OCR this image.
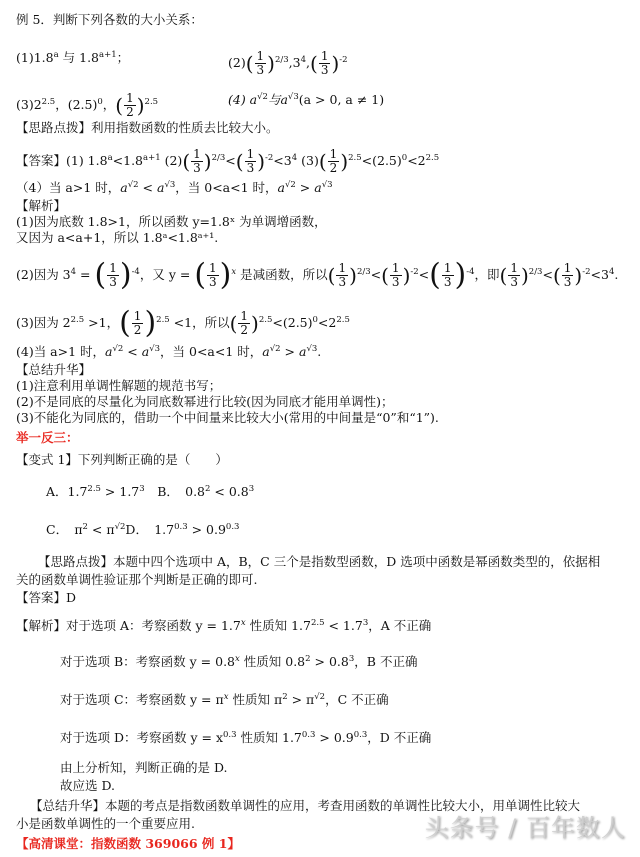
例 5．判断下列各数的大小关系：
(1)1.8$^a$ 与 $1.8^{a+1}$；	$(2)( \frac{1}{3} )^{2/3},3^4,( \frac{1}{3} )^{-2}$
$(3)2^{2.5}$，$(2.5)^0$，( $\frac{1}{2} )^{2.5}$	(4) $a^{√2}$与$a^{√3}(a > 0$, a ≠ 1)
【思路点拨】利用指数函数的性质去比较大小。
【答案】(1) $1.8^a<1.8^{a+1}$ $(2)( \frac{1}{3} )^{2/3}<( \frac{1}{3} )^{-2}<3^4$ $(3)( \frac{1}{2} )^{2.5}<(2.5)^0<2^{2.5}$
（4）当 a>1 时，$a^{√2} < a^{√3}$，当 0<a<1 时，$a^{√2} > a^{√3}$
【解析】
(1)因为底数 1.8>1，所以函数 y=1.8ˣ 为单调增函数，
又因为 a<a+1，所以 1.8ᵃ<1.8ᵃ⁺¹.
(2)因为 $3^4$ = ( $\frac{1}{3} )^{-4}$，又 y = ( $\frac{1}{3} )^x$ 是减函数，所以( $\frac{1}{3} )^{2/3}<( \frac{1}{3} )^{-2}<( \frac{1}{3} )^{-4}$，即( $\frac{1}{3} )^{2/3}<( \frac{1}{3} )^{-2}<3^4$.
(3)因为 $2^{2.5} >1$，( $\frac{1}{2} )^{2.5} <1$，所以( $\frac{1}{2} )^{2.5}<(2.5)^0<2^{2.5}$
(4)当 a>1 时，$a^{√2} < a^{√3}$，当 0<a<1 时，$a^{√2} > a^{√3}$.
【总结升华】
(1)注意利用单调性解题的规范书写；
(2)不是同底的尽量化为同底数幂进行比较(因为同底才能用单调性)；
(3)不能化为同底的，借助一个中间量来比较大小(常用的中间量是“0”和“1”).
举一反三：
【变式 1】下列判断正确的是（　　）
A．$1.7^{2.5} > 1.7^3$　B．　$0.8^2 < 0.8^3$
C．　$\pi^2 < \pi^{√2}D$．　$1.7^{0.3} > 0.9^{0.3}$
【思路点拨】本题中四个选项中 A，B，C 三个是指数型函数，D 选项中函数是幂函数类型的，依据相
关的函数单调性验证那个判断是正确的即可.
【答案】D
【解析】对于选项 A：考察函数 $y = 1.7^x$ 性质知 $1.7^{2.5} < 1.7^3$，A 不正确
对于选项 B：考察函数 $y = 0.8^x$ 性质知 $0.8^2 > 0.8^3$，B 不正确
对于选项 C：考察函数 $y = \pi^x$ 性质知 $\pi^2 > \pi^{√2}$，C 不正确
对于选项 D：考察函数 $y = x^{0.3}$ 性质知 $1.7^{0.3} > 0.9^{0.3}$，D 不正确
由上分析知，判断正确的是 D.
故应选 D.
【总结升华】本题的考点是指数函数单调性的应用，考查用函数的单调性比较大小，用单调性比较大
小是函数单调性的一个重要应用.
【高清课堂：指数函数 369066 例 1】
头条号 / 百年数人
